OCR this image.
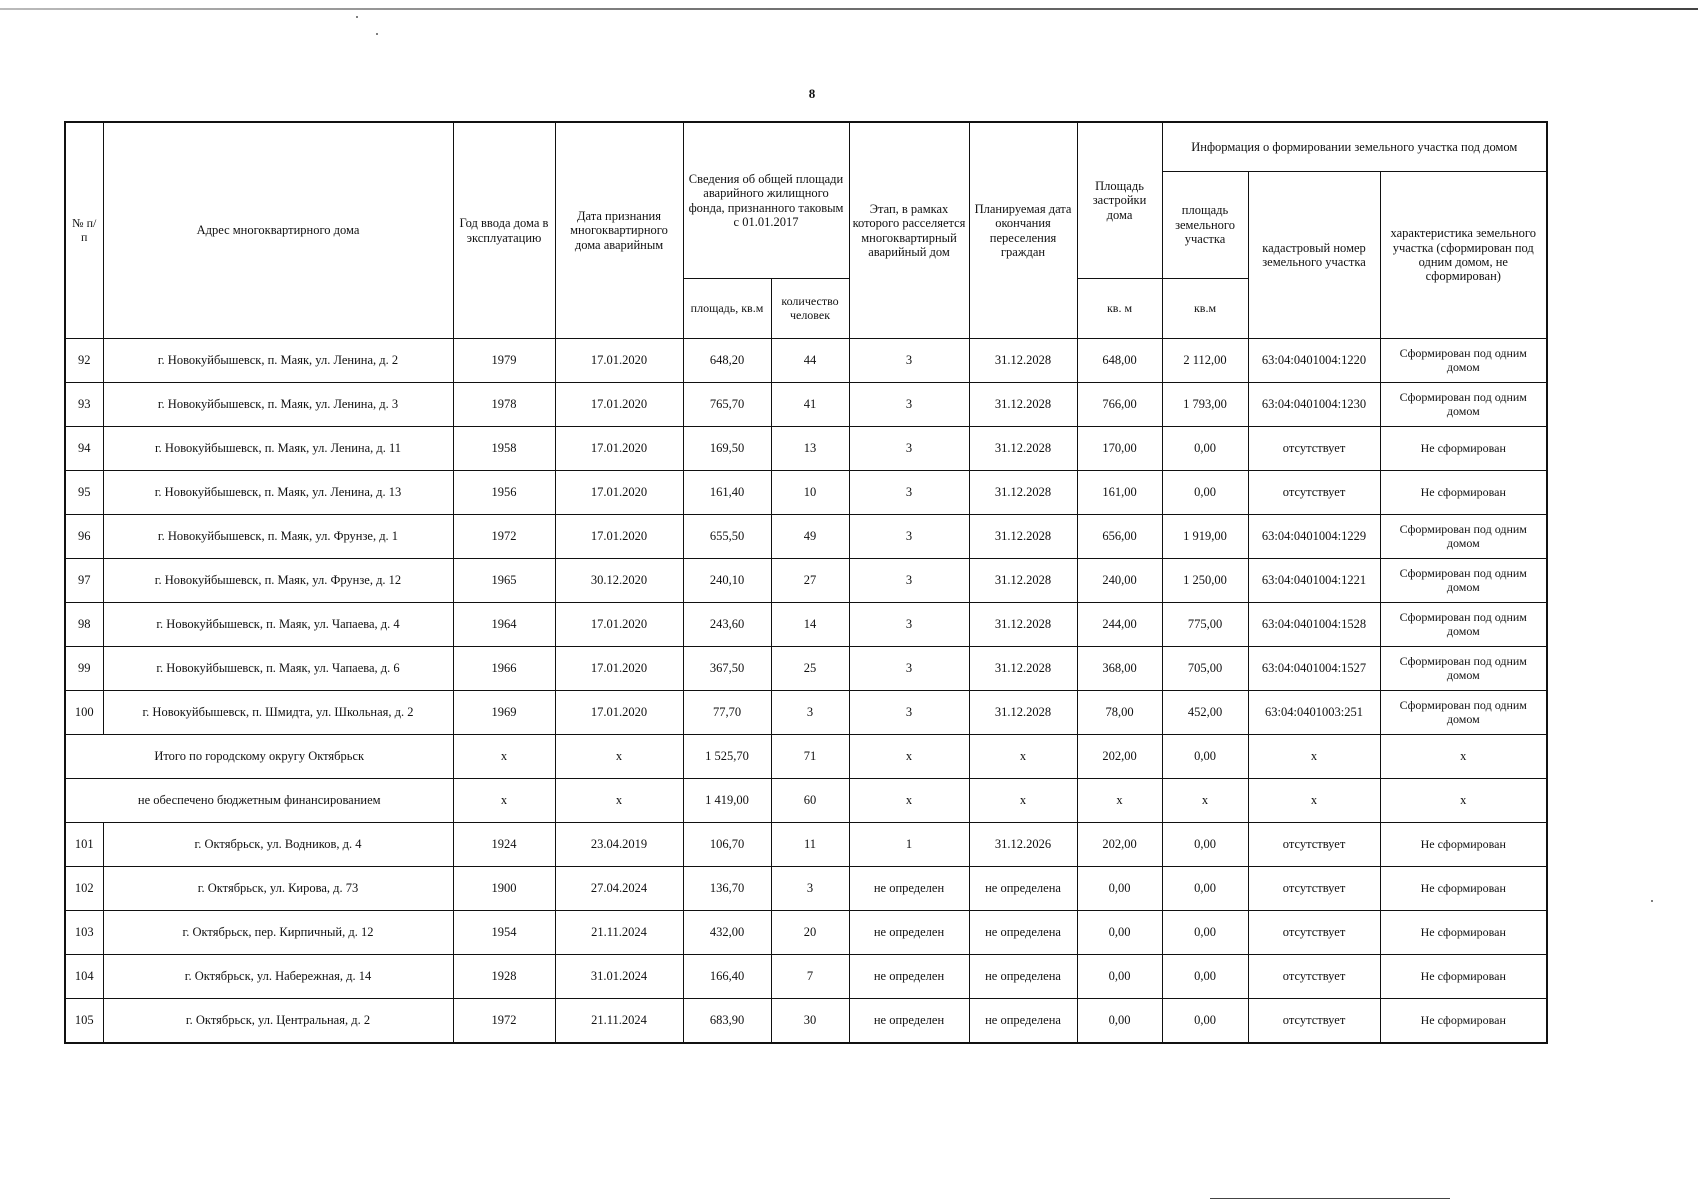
8
№ п/п	Адрес многоквартирного дома	Год ввода дома в эксплуатацию	Дата признания многоквартирного дома аварийным	Сведения об общей площади аварийного жилищного фонда, признанного таковым с 01.01.2017		Этап, в рамках которого расселяется многоквартирный аварийный дом	Планируемая дата окончания переселения граждан	Площадь застройки дома	Информация о формировании земельного участка под домом		
									площадь земельного участка	кадастровый номер земельного участка	характеристика земельного участка (сформирован под одним домом, не сформирован)
				площадь, кв.м	количество человек			кв. м	кв.м		
92	г. Новокуйбышевск, п. Маяк, ул. Ленина, д. 2	1979	17.01.2020	648,20	44	3	31.12.2028	648,00	2 112,00	63:04:0401004:1220	Сформирован под одним домом
93	г. Новокуйбышевск, п. Маяк, ул. Ленина, д. 3	1978	17.01.2020	765,70	41	3	31.12.2028	766,00	1 793,00	63:04:0401004:1230	Сформирован под одним домом
94	г. Новокуйбышевск, п. Маяк, ул. Ленина, д. 11	1958	17.01.2020	169,50	13	3	31.12.2028	170,00	0,00	отсутствует	Не сформирован
95	г. Новокуйбышевск, п. Маяк, ул. Ленина, д. 13	1956	17.01.2020	161,40	10	3	31.12.2028	161,00	0,00	отсутствует	Не сформирован
96	г. Новокуйбышевск, п. Маяк, ул. Фрунзе, д. 1	1972	17.01.2020	655,50	49	3	31.12.2028	656,00	1 919,00	63:04:0401004:1229	Сформирован под одним домом
97	г. Новокуйбышевск, п. Маяк, ул. Фрунзе, д. 12	1965	30.12.2020	240,10	27	3	31.12.2028	240,00	1 250,00	63:04:0401004:1221	Сформирован под одним домом
98	г. Новокуйбышевск, п. Маяк, ул. Чапаева, д. 4	1964	17.01.2020	243,60	14	3	31.12.2028	244,00	775,00	63:04:0401004:1528	Сформирован под одним домом
99	г. Новокуйбышевск, п. Маяк, ул. Чапаева, д. 6	1966	17.01.2020	367,50	25	3	31.12.2028	368,00	705,00	63:04:0401004:1527	Сформирован под одним домом
100	г. Новокуйбышевск, п. Шмидта, ул. Школьная, д. 2	1969	17.01.2020	77,70	3	3	31.12.2028	78,00	452,00	63:04:0401003:251	Сформирован под одним домом
Итого по городскому округу Октябрьск		x	x	1 525,70	71	x	x	202,00	0,00	x	x
не обеспечено бюджетным финансированием		x	x	1 419,00	60	x	x	x	x	x	x
101	г. Октябрьск, ул. Водников, д. 4	1924	23.04.2019	106,70	11	1	31.12.2026	202,00	0,00	отсутствует	Не сформирован
102	г. Октябрьск, ул. Кирова, д. 73	1900	27.04.2024	136,70	3	не определен	не определена	0,00	0,00	отсутствует	Не сформирован
103	г. Октябрьск, пер. Кирпичный, д. 12	1954	21.11.2024	432,00	20	не определен	не определена	0,00	0,00	отсутствует	Не сформирован
104	г. Октябрьск, ул. Набережная, д. 14	1928	31.01.2024	166,40	7	не определен	не определена	0,00	0,00	отсутствует	Не сформирован
105	г. Октябрьск, ул. Центральная, д. 2	1972	21.11.2024	683,90	30	не определен	не определена	0,00	0,00	отсутствует	Не сформирован
